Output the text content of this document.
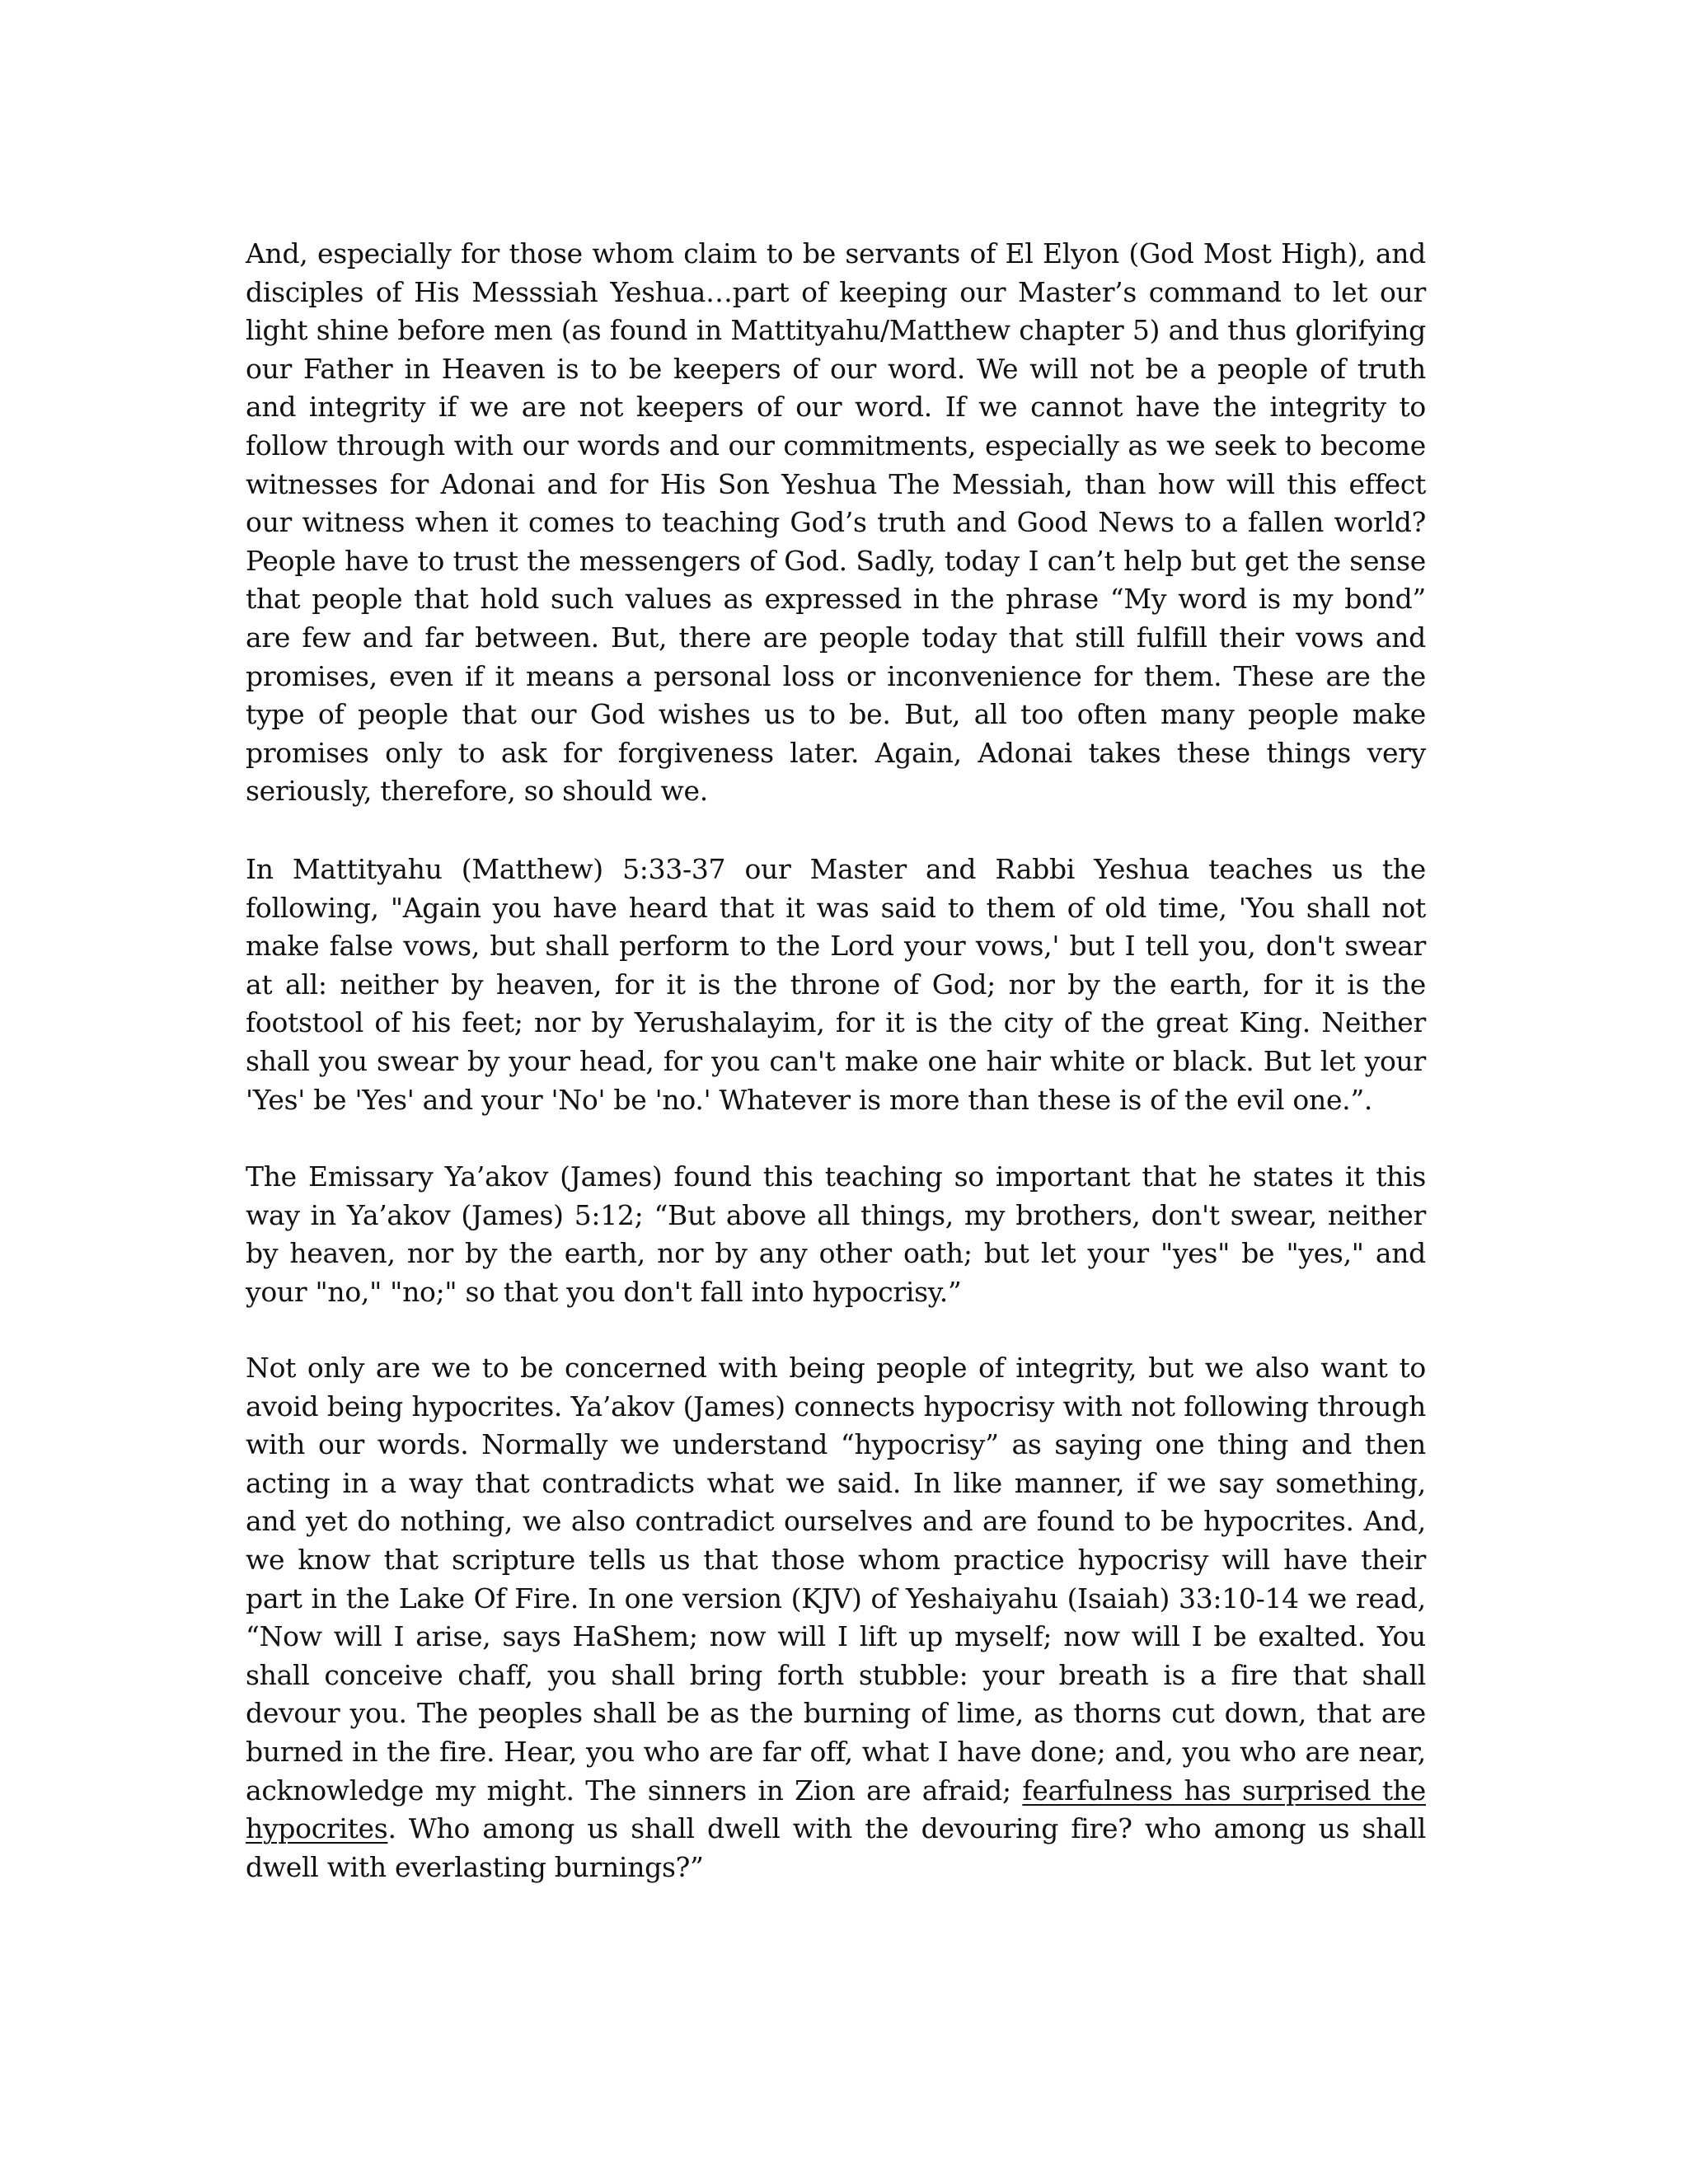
And, especially for those whom claim to be servants of El Elyon (God Most High), and disciples of His Messsiah Yeshua…part of keeping our Master’s command to let our light shine before men (as found in Mattityahu/Matthew chapter 5) and thus glorifying our Father in Heaven is to be keepers of our word. We will not be a people of truth and integrity if we are not keepers of our word. If we cannot have the integrity to follow through with our words and our commitments, especially as we seek to become witnesses for Adonai and for His Son Yeshua The Messiah, than how will this effect our witness when it comes to teaching God’s truth and Good News to a fallen world? People have to trust the messengers of God. Sadly, today I can’t help but get the sense that people that hold such values as expressed in the phrase “My word is my bond” are few and far between. But, there are people today that still fulfill their vows and promises, even if it means a personal loss or inconvenience for them. These are the type of people that our God wishes us to be. But, all too often many people make promises only to ask for forgiveness later. Again, Adonai takes these things very seriously, therefore, so should we.

In Mattityahu (Matthew) 5:33-37 our Master and Rabbi Yeshua teaches us the following, "Again you have heard that it was said to them of old time, 'You shall not make false vows, but shall perform to the Lord your vows,' but I tell you, don't swear at all: neither by heaven, for it is the throne of God; nor by the earth, for it is the footstool of his feet; nor by Yerushalayim, for it is the city of the great King. Neither shall you swear by your head, for you can't make one hair white or black. But let your 'Yes' be 'Yes' and your 'No' be 'no.' Whatever is more than these is of the evil one.”.

The Emissary Ya’akov (James) found this teaching so important that he states it this way in Ya’akov (James) 5:12; “But above all things, my brothers, don't swear, neither by heaven, nor by the earth, nor by any other oath; but let your "yes" be "yes," and your "no," "no;" so that you don't fall into hypocrisy.”

Not only are we to be concerned with being people of integrity, but we also want to avoid being hypocrites. Ya’akov (James) connects hypocrisy with not following through with our words. Normally we understand “hypocrisy” as saying one thing and then acting in a way that contradicts what we said. In like manner, if we say something, and yet do nothing, we also contradict ourselves and are found to be hypocrites. And, we know that scripture tells us that those whom practice hypocrisy will have their part in the Lake Of Fire. In one version (KJV) of Yeshaiyahu (Isaiah) 33:10-14 we read, “Now will I arise, says HaShem; now will I lift up myself; now will I be exalted. You shall conceive chaff, you shall bring forth stubble: your breath is a fire that shall devour you. The peoples shall be as the burning of lime, as thorns cut down, that are burned in the fire. Hear, you who are far off, what I have done; and, you who are near, acknowledge my might. The sinners in Zion are afraid; fearfulness has surprised the hypocrites. Who among us shall dwell with the devouring fire? who among us shall dwell with everlasting burnings?”
